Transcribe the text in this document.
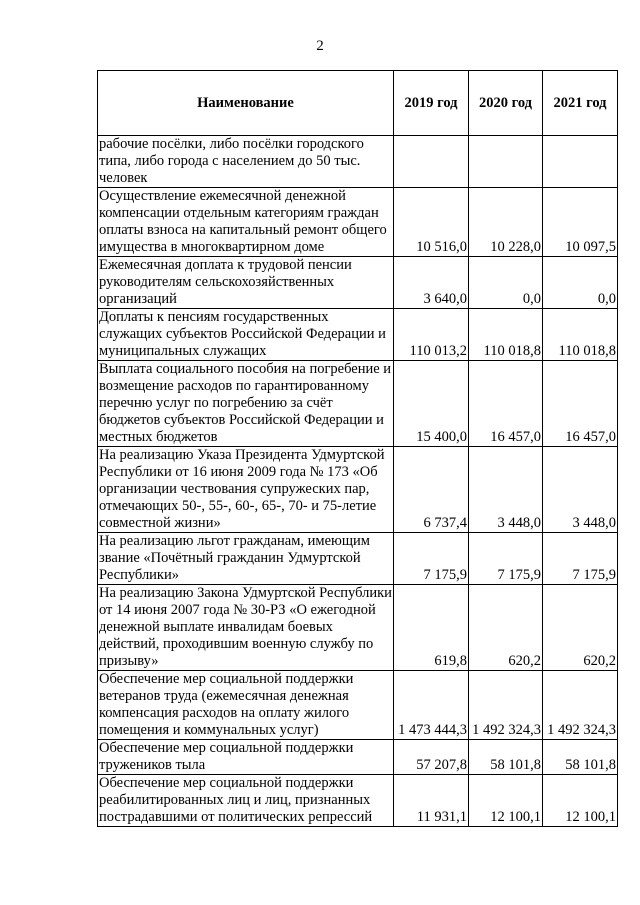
2
Наименование	2019 год	2020 год	2021 год
рабочие посёлки, либо посёлки городского типа, либо города с населением до 50 тыс. человек			
Осуществление ежемесячной денежной компенсации отдельным категориям граждан оплаты взноса на капитальный ремонт общего имущества в многоквартирном доме	10 516,0	10 228,0	10 097,5
Ежемесячная доплата к трудовой пенсии руководителям сельскохозяйственных организаций	3 640,0	0,0	0,0
Доплаты к пенсиям государственных служащих субъектов Российской Федерации и муниципальных служащих	110 013,2	110 018,8	110 018,8
Выплата социального пособия на погребение и возмещение расходов по гарантированному перечню услуг по погребению за счёт бюджетов субъектов Российской Федерации и местных бюджетов	15 400,0	16 457,0	16 457,0
На реализацию Указа Президента Удмуртской Республики от 16 июня 2009 года № 173 «Об организации чествования супружеских пар, отмечающих 50-, 55-, 60-, 65-, 70- и 75-летие совместной жизни»	6 737,4	3 448,0	3 448,0
На реализацию льгот гражданам, имеющим звание «Почётный гражданин Удмуртской Республики»	7 175,9	7 175,9	7 175,9
На реализацию Закона Удмуртской Республики от 14 июня 2007 года № 30-РЗ «О ежегодной денежной выплате инвалидам боевых действий, проходившим военную службу по призыву»	619,8	620,2	620,2
Обеспечение мер социальной поддержки ветеранов труда (ежемесячная денежная компенсация расходов на оплату жилого помещения и коммунальных услуг)	1 473 444,3	1 492 324,3	1 492 324,3
Обеспечение мер социальной поддержки тружеников тыла	57 207,8	58 101,8	58 101,8
Обеспечение мер социальной поддержки реабилитированных лиц и лиц, признанных пострадавшими от политических репрессий	11 931,1	12 100,1	12 100,1
